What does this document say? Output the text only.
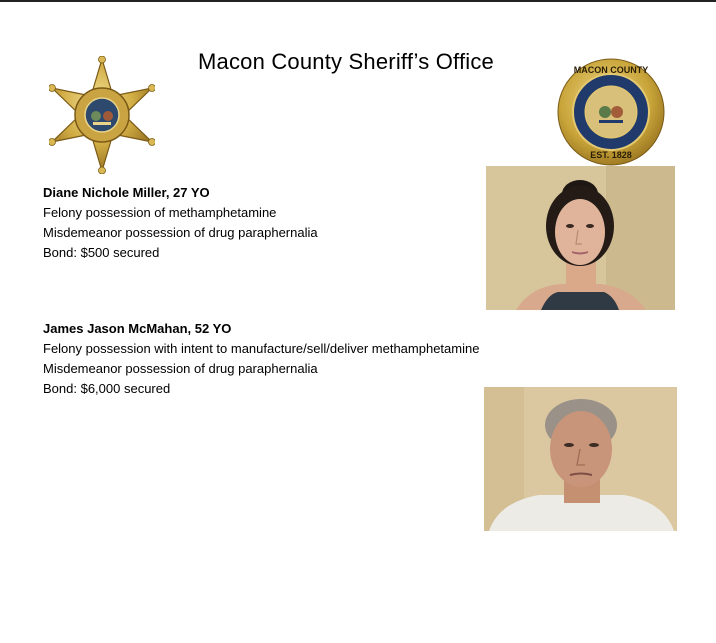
Macon County Sheriff’s Office	MACON COUNTY
EST. 1828
Diane Nichole Miller, 27 YO
Felony possession of methamphetamine
Misdemeanor possession of drug paraphernalia
Bond: $500 secured
James Jason McMahan, 52 YO
Felony possession with intent to manufacture/sell/deliver methamphetamine
Misdemeanor possession of drug paraphernalia
Bond: $6,000 secured
